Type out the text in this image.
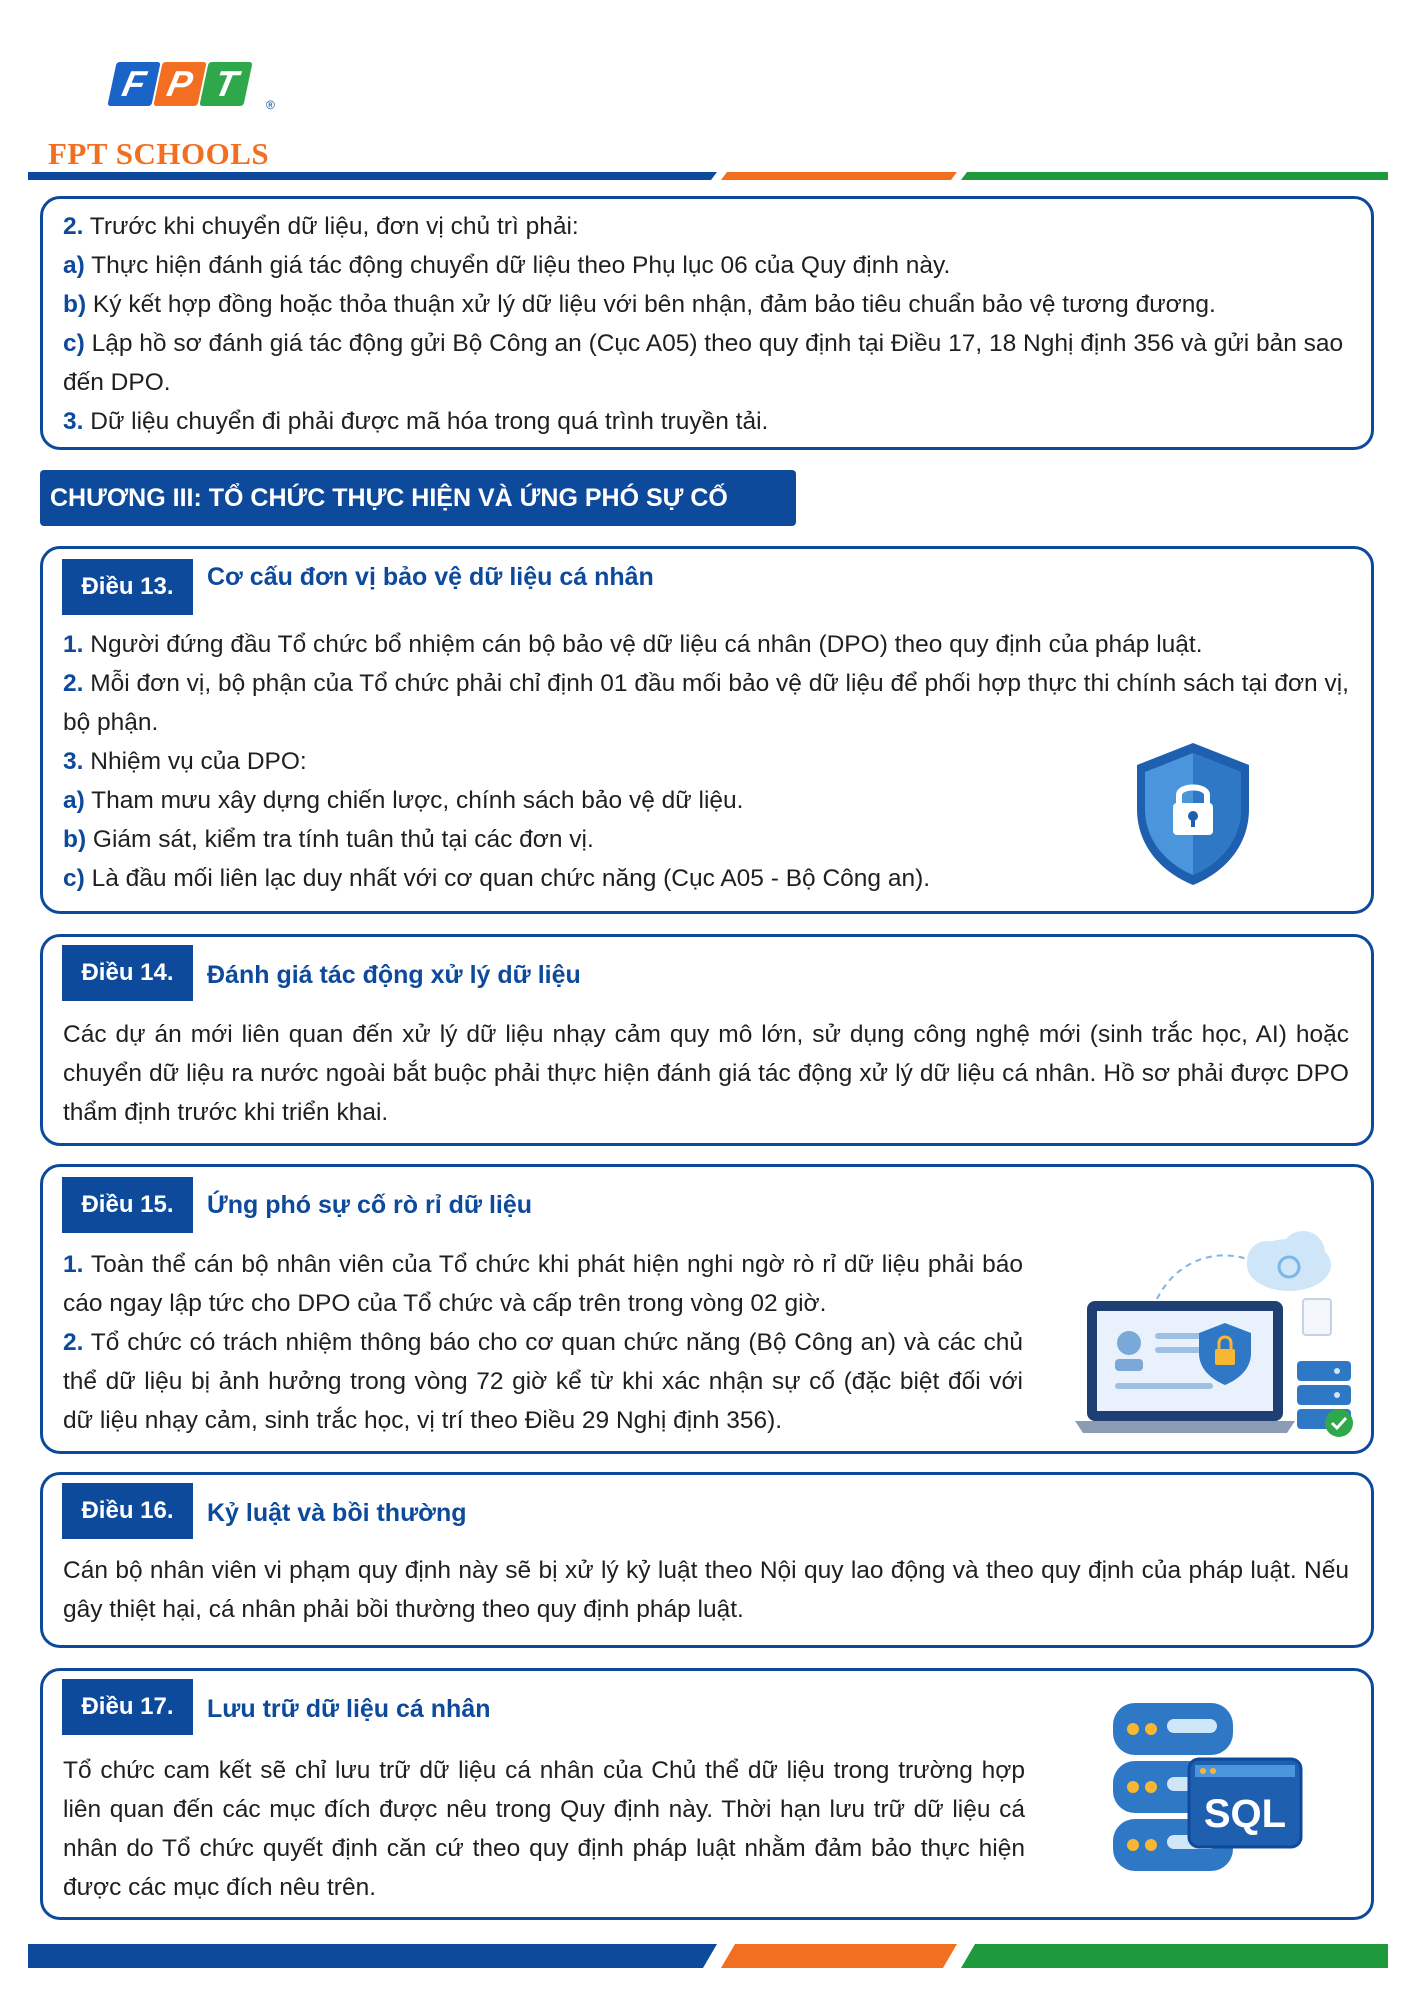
F P T
®
FPT SCHOOLS

2. Trước khi chuyển dữ liệu, đơn vị chủ trì phải:

a) Thực hiện đánh giá tác động chuyển dữ liệu theo Phụ lục 06 của Quy định này.

b) Ký kết hợp đồng hoặc thỏa thuận xử lý dữ liệu với bên nhận, đảm bảo tiêu chuẩn bảo vệ tương đương.

c) Lập hồ sơ đánh giá tác động gửi Bộ Công an (Cục A05) theo quy định tại Điều 17, 18 Nghị định 356 và gửi bản sao đến DPO.

3. Dữ liệu chuyển đi phải được mã hóa trong quá trình truyền tải.

CHƯƠNG III: TỔ CHỨC THỰC HIỆN VÀ ỨNG PHÓ SỰ CỐ
Điều 13.	Cơ cấu đơn vị bảo vệ dữ liệu cá nhân

1. Người đứng đầu Tổ chức bổ nhiệm cán bộ bảo vệ dữ liệu cá nhân (DPO) theo quy định của pháp luật.

2. Mỗi đơn vị, bộ phận của Tổ chức phải chỉ định 01 đầu mối bảo vệ dữ liệu để phối hợp thực thi chính sách tại đơn vị, bộ phận.

3. Nhiệm vụ của DPO:

a) Tham mưu xây dựng chiến lược, chính sách bảo vệ dữ liệu.

b) Giám sát, kiểm tra tính tuân thủ tại các đơn vị.

c) Là đầu mối liên lạc duy nhất với cơ quan chức năng (Cục A05 - Bộ Công an).

Điều 14.	Đánh giá tác động xử lý dữ liệu

Các dự án mới liên quan đến xử lý dữ liệu nhạy cảm quy mô lớn, sử dụng công nghệ mới (sinh trắc học, AI) hoặc chuyển dữ liệu ra nước ngoài bắt buộc phải thực hiện đánh giá tác động xử lý dữ liệu cá nhân. Hồ sơ phải được DPO thẩm định trước khi triển khai.

Điều 15.	Ứng phó sự cố rò rỉ dữ liệu

1. Toàn thể cán bộ nhân viên của Tổ chức khi phát hiện nghi ngờ rò rỉ dữ liệu phải báo cáo ngay lập tức cho DPO của Tổ chức và cấp trên trong vòng 02 giờ.

2. Tổ chức có trách nhiệm thông báo cho cơ quan chức năng (Bộ Công an) và các chủ thể dữ liệu bị ảnh hưởng trong vòng 72 giờ kể từ khi xác nhận sự cố (đặc biệt đối với dữ liệu nhạy cảm, sinh trắc học, vị trí theo Điều 29 Nghị định 356).

Điều 16.	Kỷ luật và bồi thường

Cán bộ nhân viên vi phạm quy định này sẽ bị xử lý kỷ luật theo Nội quy lao động và theo quy định của pháp luật. Nếu gây thiệt hại, cá nhân phải bồi thường theo quy định pháp luật.

Điều 17.	Lưu trữ dữ liệu cá nhân

Tổ chức cam kết sẽ chỉ lưu trữ dữ liệu cá nhân của Chủ thể dữ liệu trong trường hợp liên quan đến các mục đích được nêu trong Quy định này. Thời hạn lưu trữ dữ liệu cá nhân do Tổ chức quyết định căn cứ theo quy định pháp luật nhằm đảm bảo thực hiện được các mục đích nêu trên.

SQL
